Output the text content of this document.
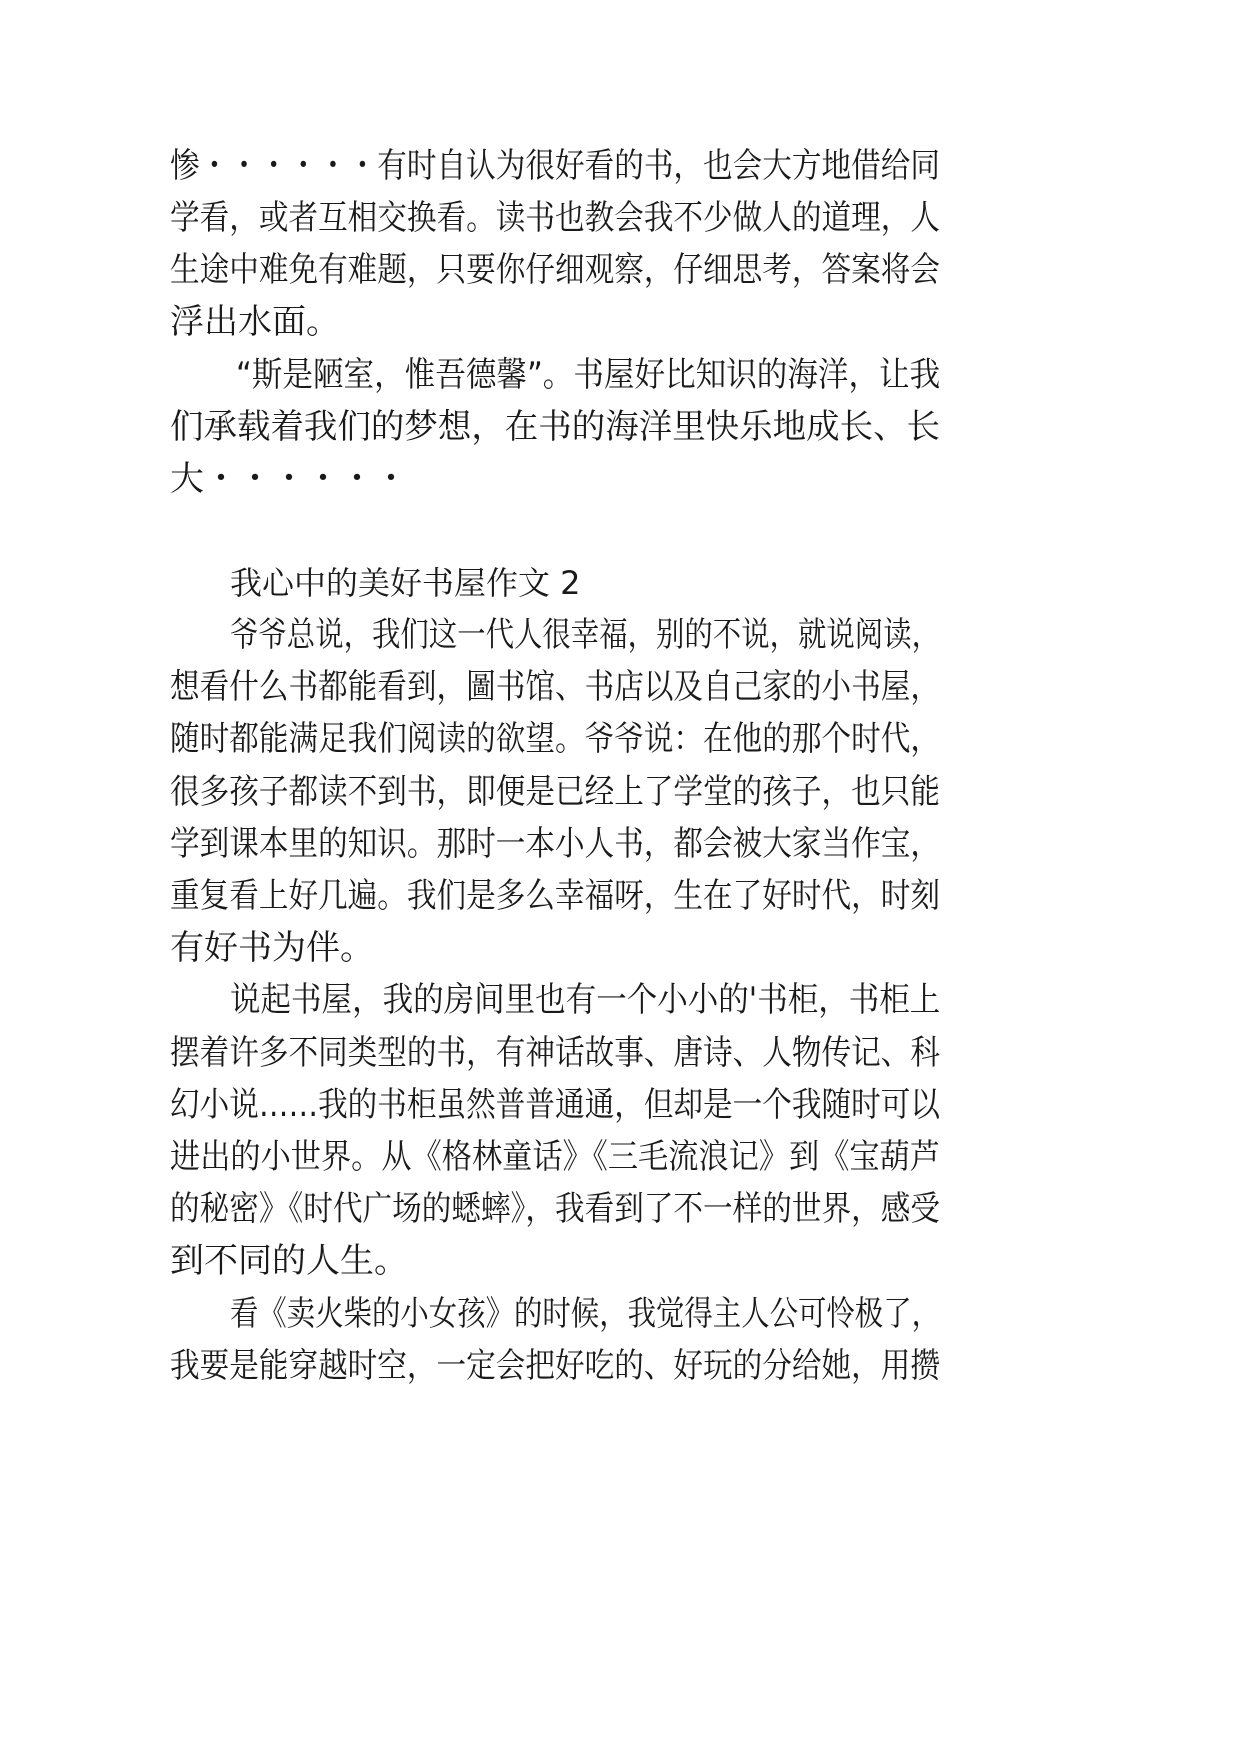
惨・・・・・・有时自认为很好看的书，也会大方地借给同
学看，或者互相交换看。读书也教会我不少做人的道理，人
生途中难免有难题，只要你仔细观察，仔细思考，答案将会
浮出水面。
“斯是陋室，惟吾德馨”。书屋好比知识的海洋，让我
们承载着我们的梦想，在书的海洋里快乐地成长、长
大・・・・・・
我心中的美好书屋作文 2
爷爷总说，我们这一代人很幸福，别的不说，就说阅读，
想看什么书都能看到，圖书馆、书店以及自己家的小书屋，
随时都能满足我们阅读的欲望。爷爷说：在他的那个时代，
很多孩子都读不到书，即便是已经上了学堂的孩子，也只能
学到课本里的知识。那时一本小人书，都会被大家当作宝，
重复看上好几遍。我们是多么幸福呀，生在了好时代，时刻
有好书为伴。
说起书屋，我的房间里也有一个小小的'书柜，书柜上
摆着许多不同类型的书，有神话故事、唐诗、人物传记、科
幻小说……我的书柜虽然普普通通，但却是一个我随时可以
进出的小世界。从《格林童话》《三毛流浪记》到《宝葫芦
的秘密》《时代广场的蟋蟀》，我看到了不一样的世界，感受
到不同的人生。
看《卖火柴的小女孩》的时候，我觉得主人公可怜极了，
我要是能穿越时空，一定会把好吃的、好玩的分给她，用攒
